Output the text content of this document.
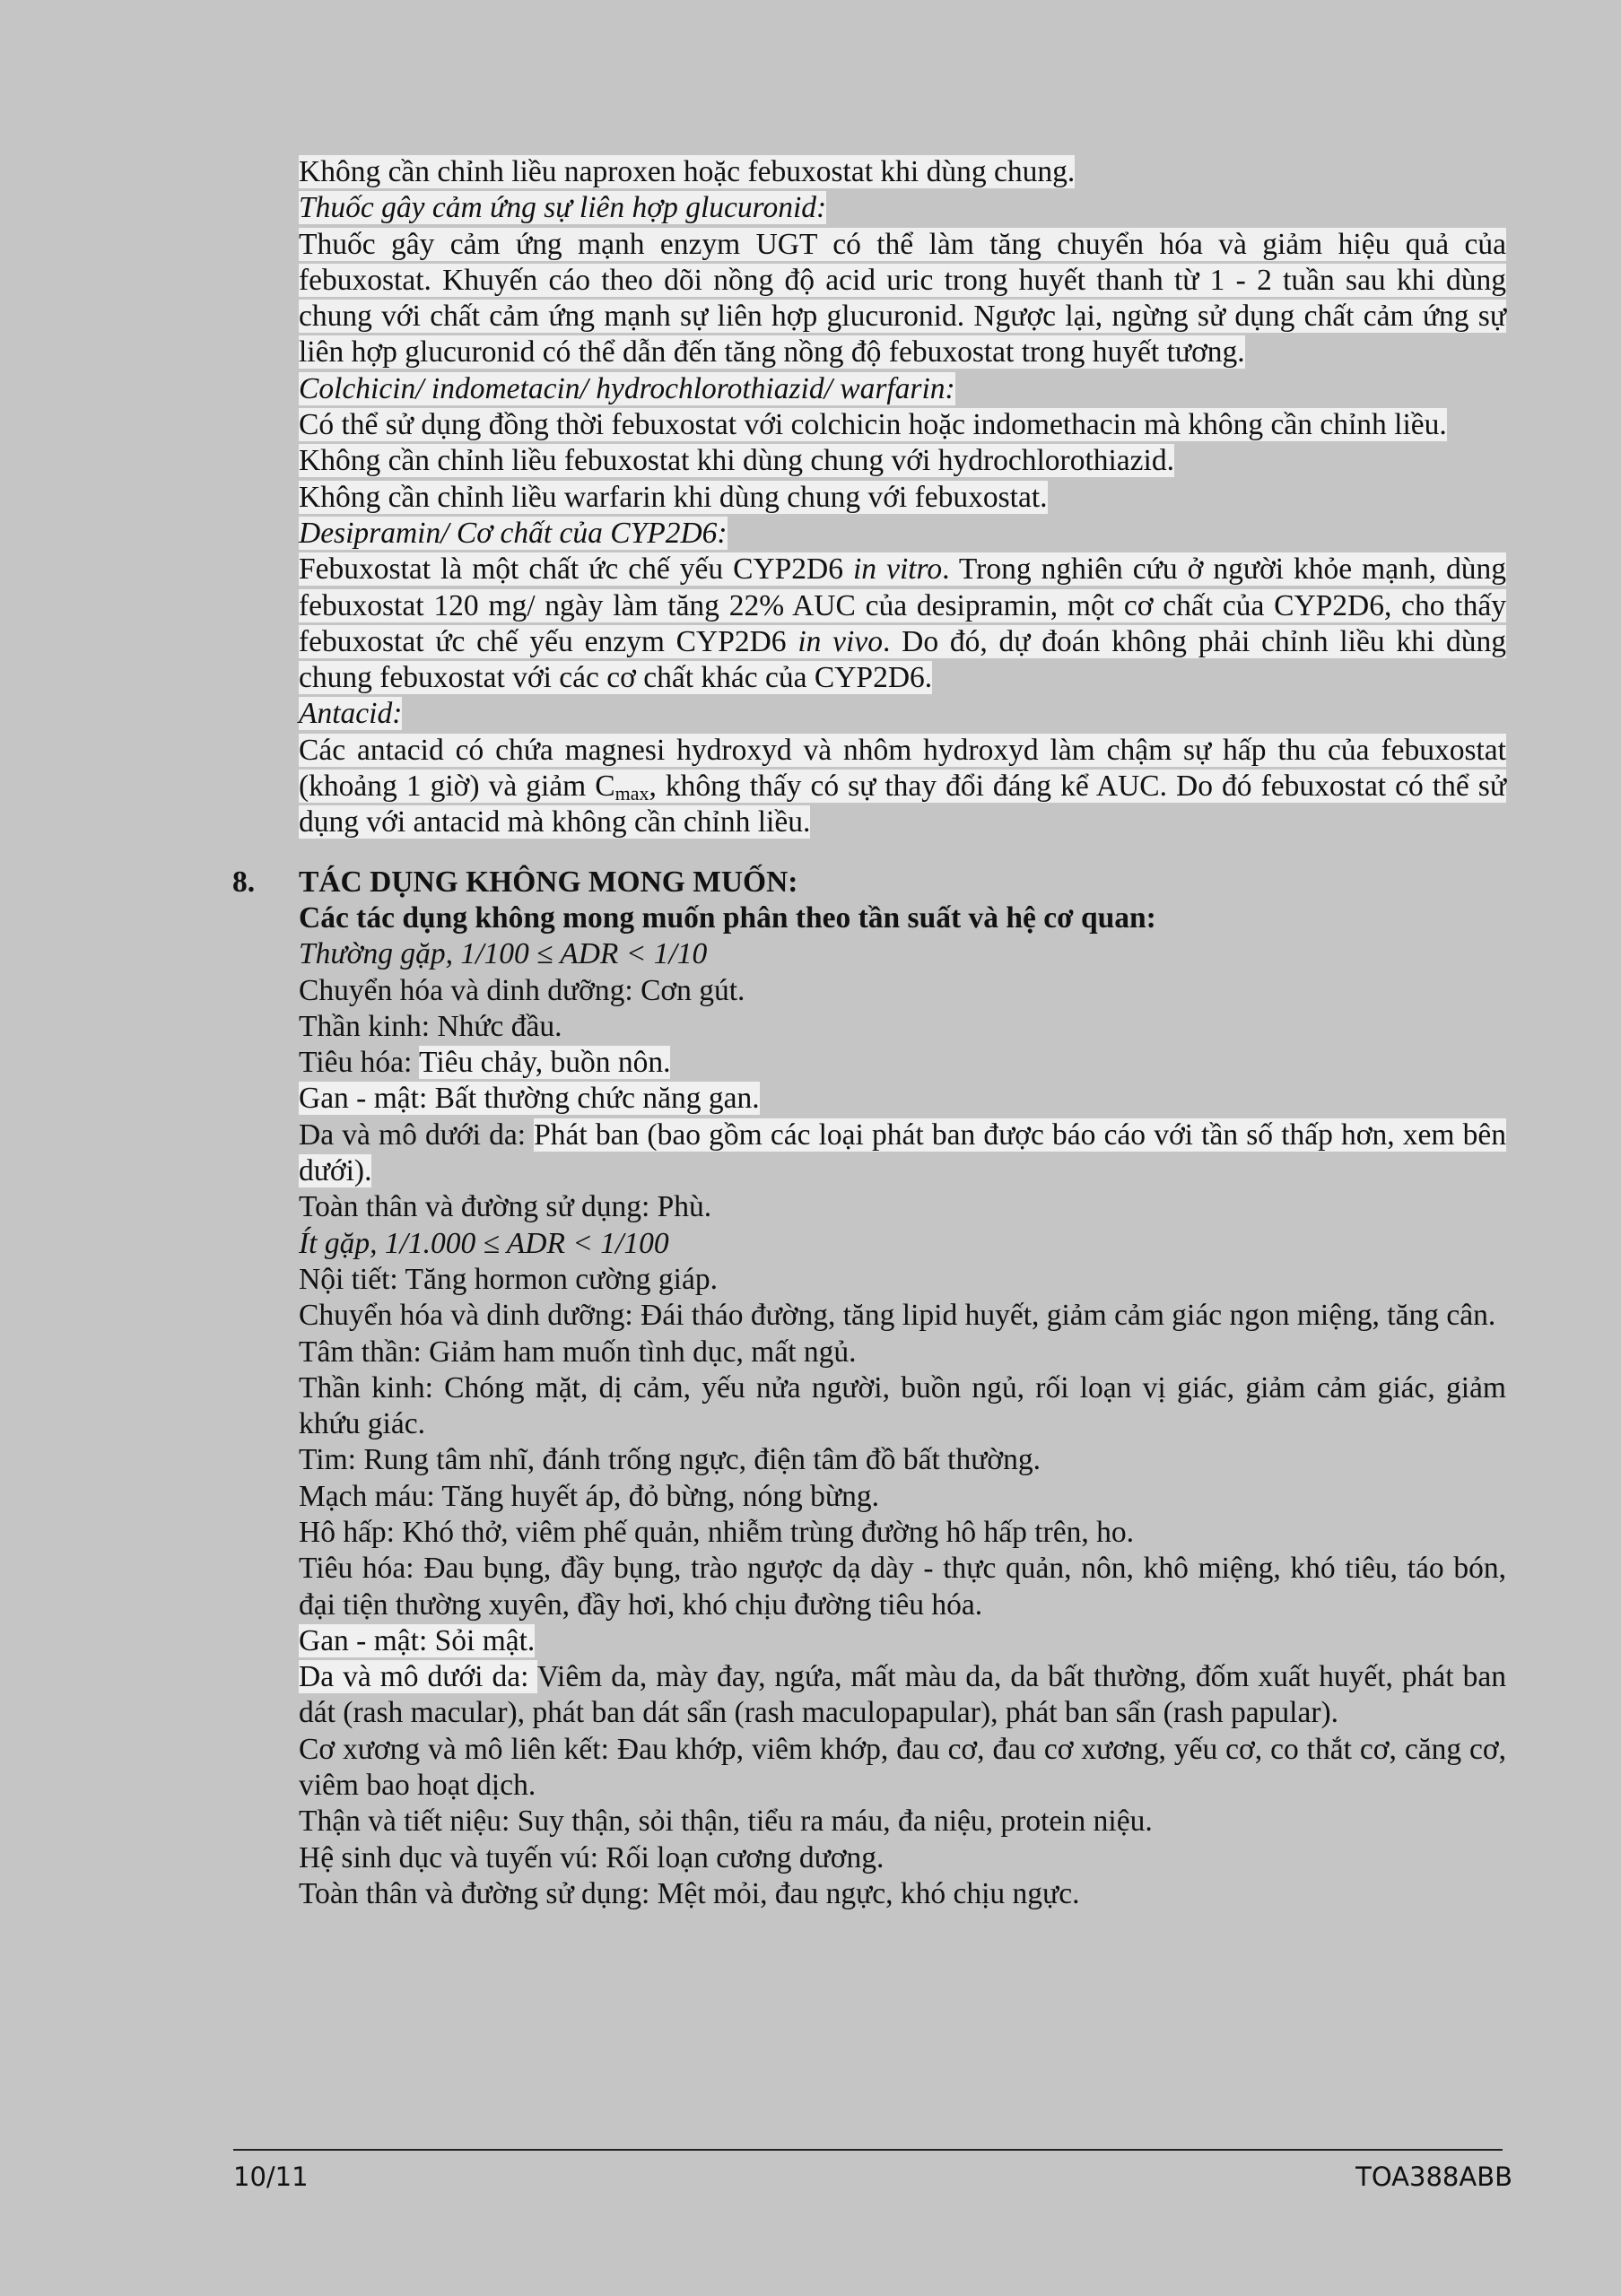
Không cần chỉnh liều naproxen hoặc febuxostat khi dùng chung.

Thuốc gây cảm ứng sự liên hợp glucuronid:

Thuốc gây cảm ứng mạnh enzym UGT có thể làm tăng chuyển hóa và giảm hiệu quả của febuxostat. Khuyến cáo theo dõi nồng độ acid uric trong huyết thanh từ 1 - 2 tuần sau khi dùng chung với chất cảm ứng mạnh sự liên hợp glucuronid. Ngược lại, ngừng sử dụng chất cảm ứng sự liên hợp glucuronid có thể dẫn đến tăng nồng độ febuxostat trong huyết tương.

Colchicin/ indometacin/ hydrochlorothiazid/ warfarin:

Có thể sử dụng đồng thời febuxostat với colchicin hoặc indomethacin mà không cần chỉnh liều.

Không cần chỉnh liều febuxostat khi dùng chung với hydrochlorothiazid.

Không cần chỉnh liều warfarin khi dùng chung với febuxostat.

Desipramin/ Cơ chất của CYP2D6:

Febuxostat là một chất ức chế yếu CYP2D6 in vitro. Trong nghiên cứu ở người khỏe mạnh, dùng febuxostat 120 mg/ ngày làm tăng 22% AUC của desipramin, một cơ chất của CYP2D6, cho thấy febuxostat ức chế yếu enzym CYP2D6 in vivo. Do đó, dự đoán không phải chỉnh liều khi dùng chung febuxostat với các cơ chất khác của CYP2D6.

Antacid:

Các antacid có chứa magnesi hydroxyd và nhôm hydroxyd làm chậm sự hấp thu của febuxostat (khoảng 1 giờ) và giảm $C_{max}$, không thấy có sự thay đổi đáng kể AUC. Do đó febuxostat có thể sử dụng với antacid mà không cần chỉnh liều.

8. TÁC DỤNG KHÔNG MONG MUỐN:

Các tác dụng không mong muốn phân theo tần suất và hệ cơ quan:

Thường gặp, 1/100 ≤ ADR < 1/10

Chuyển hóa và dinh dưỡng: Cơn gút.

Thần kinh: Nhức đầu.

Tiêu hóa: Tiêu chảy, buồn nôn.

Gan - mật: Bất thường chức năng gan.

Da và mô dưới da: Phát ban (bao gồm các loại phát ban được báo cáo với tần số thấp hơn, xem bên dưới).

Toàn thân và đường sử dụng: Phù.

Ít gặp, 1/1.000 ≤ ADR < 1/100

Nội tiết: Tăng hormon cường giáp.

Chuyển hóa và dinh dưỡng: Đái tháo đường, tăng lipid huyết, giảm cảm giác ngon miệng, tăng cân.

Tâm thần: Giảm ham muốn tình dục, mất ngủ.

Thần kinh: Chóng mặt, dị cảm, yếu nửa người, buồn ngủ, rối loạn vị giác, giảm cảm giác, giảm khứu giác.

Tim: Rung tâm nhĩ, đánh trống ngực, điện tâm đồ bất thường.

Mạch máu: Tăng huyết áp, đỏ bừng, nóng bừng.

Hô hấp: Khó thở, viêm phế quản, nhiễm trùng đường hô hấp trên, ho.

Tiêu hóa: Đau bụng, đầy bụng, trào ngược dạ dày - thực quản, nôn, khô miệng, khó tiêu, táo bón, đại tiện thường xuyên, đầy hơi, khó chịu đường tiêu hóa.

Gan - mật: Sỏi mật.

Da và mô dưới da: Viêm da, mày đay, ngứa, mất màu da, da bất thường, đốm xuất huyết, phát ban dát (rash macular), phát ban dát sẩn (rash maculopapular), phát ban sẩn (rash papular).

Cơ xương và mô liên kết: Đau khớp, viêm khớp, đau cơ, đau cơ xương, yếu cơ, co thắt cơ, căng cơ, viêm bao hoạt dịch.

Thận và tiết niệu: Suy thận, sỏi thận, tiểu ra máu, đa niệu, protein niệu.

Hệ sinh dục và tuyến vú: Rối loạn cương dương.

Toàn thân và đường sử dụng: Mệt mỏi, đau ngực, khó chịu ngực.

10/11	TOA388ABB
